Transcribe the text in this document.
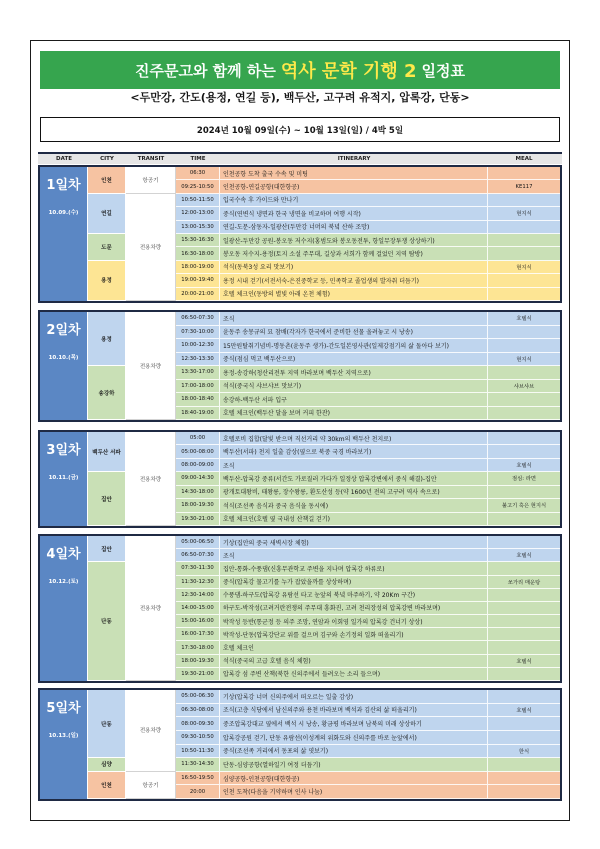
진주문고와 함께 하는 역사 문학 기행 2 일정표
<두만강, 간도(용정, 연길 등), 백두산, 고구려 유적지, 압록강, 단동>
2024년 10월 09일(수) ~ 10월 13일(일) / 4박 5일
DATE	CITY	TRANSIT	TIME	ITINERARY	MEAL
1일차
10.09.(수)
항공기
인천
06:30	인천공항 도착 출국 수속 및 미팅
09:25-10:50	인천공항-연길공항(대한항공)	KE117
전용차량
연길
10:50-11:50	입국수속 후 가이드와 만나기
12:00-13:00	중식(연변식 냉면과 한국 냉면을 비교하며 여행 시작)	현지식
13:00-15:30	연길-도문-삼동자-일광산(두만강 너머의 북녘 산하 조망)
도문
15:30-16:30	일광산-두만강 공원-봉오동 저수지(홍범도와 봉오동전투, 항일무장투쟁 상상하기)
16:30-18:00	봉오동 저수지-용정(토지 소설 주무대, 길상과 서희가 함께 걸었던 지역 탐방)
용정
18:00-19:00	석식(동북3성 요리 맛보기)	현지식
19:00-19:40	용정 시내 걷기(서전서숙-은진중학교 등, 민족학교 졸업생의 발자취 더듬기)
20:00-21:00	호텔 체크인(동방의 별빛 아래 온천 체험)
2일차
10.10.(목)
전용차량
용정
06:50-07:30	조식	호텔식
07:30-10:00	윤동주 송몽규의 묘 참배(각자가 한국에서 준비한 선물 올려놓고 시 낭송)
10:00-12:30	15만원탈취기념비-명동촌(윤동주 생가)-간도일본영사관(일제강점기의 삶 돌아다 보기)
12:30-13:30	중식(점심 먹고 백두산으로)	현지식
송강하
13:30-17:00	용정-송강하(청산리전투 지역 바라보며 백두산 지역으로)
17:00-18:00	석식(중국식 샤브샤브 맛보기)	샤브샤브
18:00-18:40	송강하-백두산 서파 입구
18:40-19:00	호텔 체크인(백두산 달을 보며 커피 한잔)
3일차
10.11.(금)	전용차량
백두산 서파
05:00	호텔로비 집합(달빛 받으며 직선거리 약 30km의 백두산 천지로)
05:00-08:00	백두산(서파) 천지 일출 감상(옆으로 북중 국경 바라보기)
08:00-09:00	조식	호텔식
집안
09:00-14:30	백두산-압록강 중류(서간도 가로질러 가다가 일정상 압록강변에서 중식 해결)-집안	점심: 라면
14:30-18:00	광개토대왕비, 태왕릉, 장수왕릉, 환도산성 등(약 1600년 전의 고구려 역사 속으로)
18:00-19:30	석식(조선족 음식과 중국 음식을 동시에)	불고기 혹은 현지식
19:30-21:00	호텔 체크인(호텔 옆 국내성 산책길 걷기)
4일차
10.12.(토)
전용차량
집안
05:00-06:50	기상(집안의 중국 새벽시장 체험)
06:50-07:30	조식	호텔식
단동
07:30-11:30	집안-통화-수풍댐(신흥무관학교 주변을 지나며 압록강 하류로)
11:30-12:30	중식(압록강 물고기를 누가 잡았을까를 상상하며)	쏘가리 매운탕
12:30-14:00	수풍댐-하구도(압록강 유람선 타고 눈앞의 북녘 마주하기, 약 20Km 구간)
14:00-15:00	하구도-박작성(고려거란전쟁의 주무대 흥화진, 고려 천리장성의 압록강변 바라보며)
15:00-16:00	박작성 등반(통군정 등 의주 조망, 연암과 이회영 일가의 압록강 건너기 상상)
16:00-17:30	박작성-단동(압록강단교 위를 걸으며 김구와 손기정의 일화 떠올리기)
17:30-18:00	호텔 체크인
18:00-19:30	석식(중국의 고급 호텔 음식 체험)	호텔식
19:30-21:00	압록강 섬 주변 산책(북한 신의주에서 들려오는 소리 들으며)
5일차
10.13.(일)
전용차량
단동
05:00-06:30	기상(압록강 너머 신의주에서 떠오르는 일출 감상)
06:30-08:00	조식(고층 식당에서 남신의주와 용천 바라보며 백석과 김산의 삶 떠올리기)	호텔식
08:00-09:30	중조압록강대교 옆에서 백석 시 낭송, 황금평 바라보며 남북의 미래 상상하기
09:30-10:50	압록강공원 걷기, 단동 유람선(이성계의 위화도와 신의주를 바로 눈앞에서)
10:50-11:30	중식(조선족 거리에서 동포의 삶 엿보기)	한식
심양	11:30-14:30	단동-심양공항(열하일기 여정 더듬기)
항공기
인천
16:50-19:50	심양공항-인천공항(대한항공)
20:00	인천 도착(다음을 기약하며 인사 나눔)
